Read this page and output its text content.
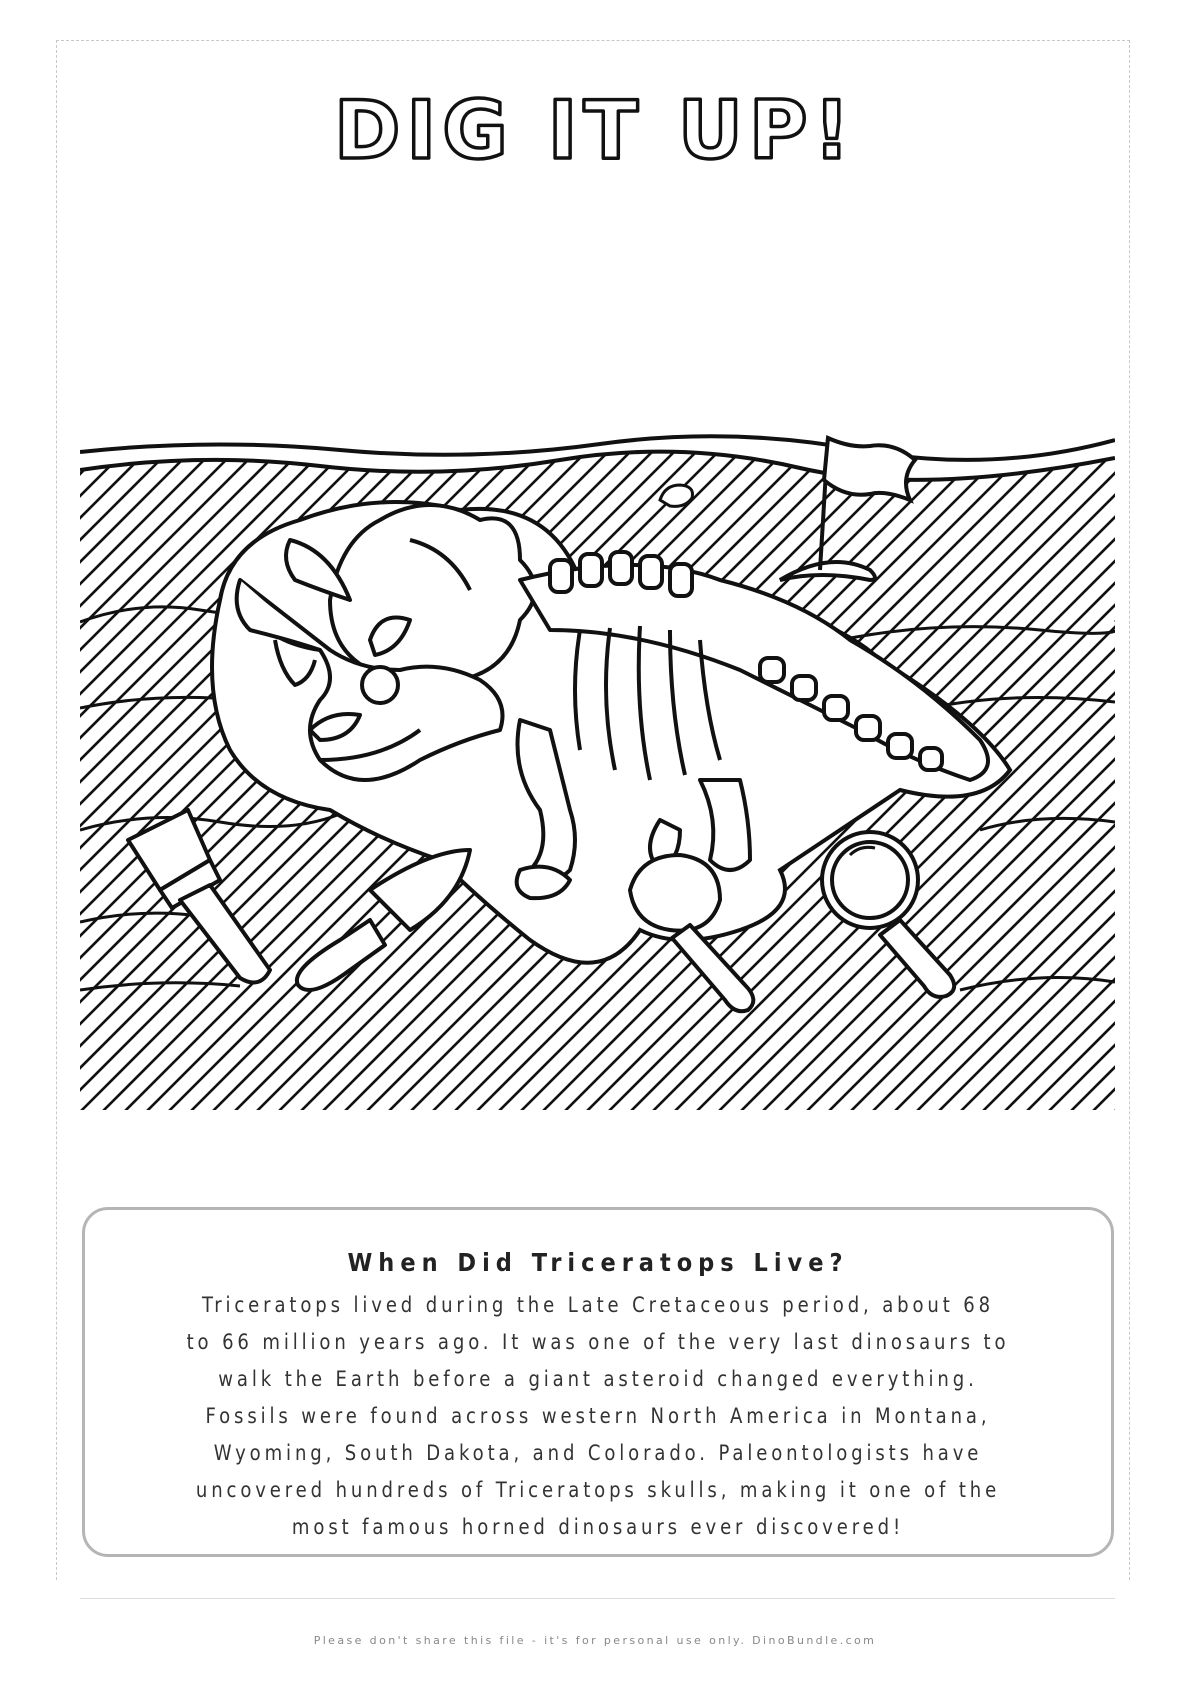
DIG IT UP!
When Did Triceratops Live?
Triceratops lived during the Late Cretaceous period, about 68 to 66 million years ago. It was one of the very last dinosaurs to walk the Earth before a giant asteroid changed everything. Fossils were found across western North America in Montana, Wyoming, South Dakota, and Colorado. Paleontologists have uncovered hundreds of Triceratops skulls, making it one of the most famous horned dinosaurs ever discovered!
Please don't share this file - it's for personal use only. DinoBundle.com
